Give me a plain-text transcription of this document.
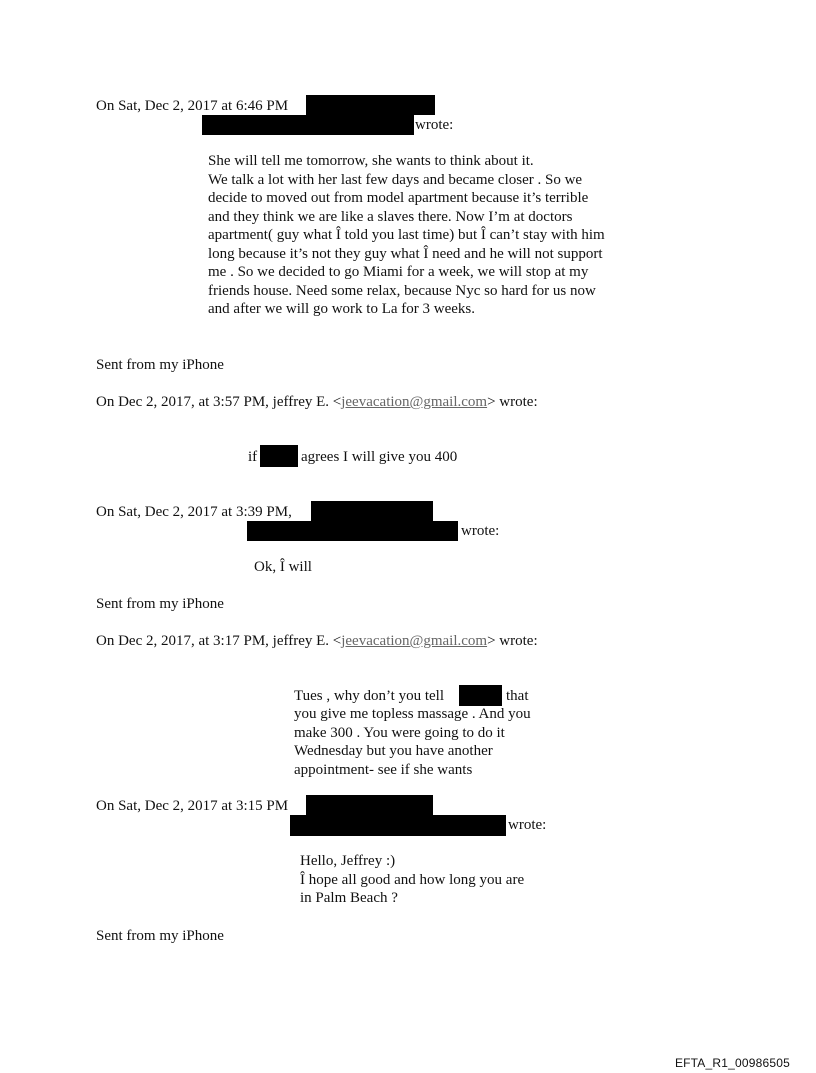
On Sat, Dec 2, 2017 at 6:46 PM
wrote:
She will tell me tomorrow, she wants to think about it.
We talk a lot with her last few days and became closer . So we
decide to moved out from model apartment because it’s terrible
and they think we are like a slaves there. Now I’m at doctors
apartment( guy what Î told you last time) but Î can’t stay with him
long because it’s not they guy what Î need and he will not support
me . So we decided to go Miami for a week, we will stop at my
friends house. Need some relax, because Nyc so hard for us now
and after we will go work to La for 3 weeks.
Sent from my iPhone
On Dec 2, 2017, at 3:57 PM, jeffrey E. <jeevacation@gmail.com> wrote:
if	agrees I will give you 400
On Sat, Dec 2, 2017 at 3:39 PM,
wrote:
Ok, Î will
Sent from my iPhone
On Dec 2, 2017, at 3:17 PM, jeffrey E. <jeevacation@gmail.com> wrote:
Tues , why don’t you tell	that
you give me topless massage . And you
make 300 . You were going to do it
Wednesday but you have another
appointment- see if she wants
On Sat, Dec 2, 2017 at 3:15 PM
wrote:
Hello, Jeffrey :)
Î hope all good and how long you are
in Palm Beach ?
Sent from my iPhone
EFTA_R1_00986505
